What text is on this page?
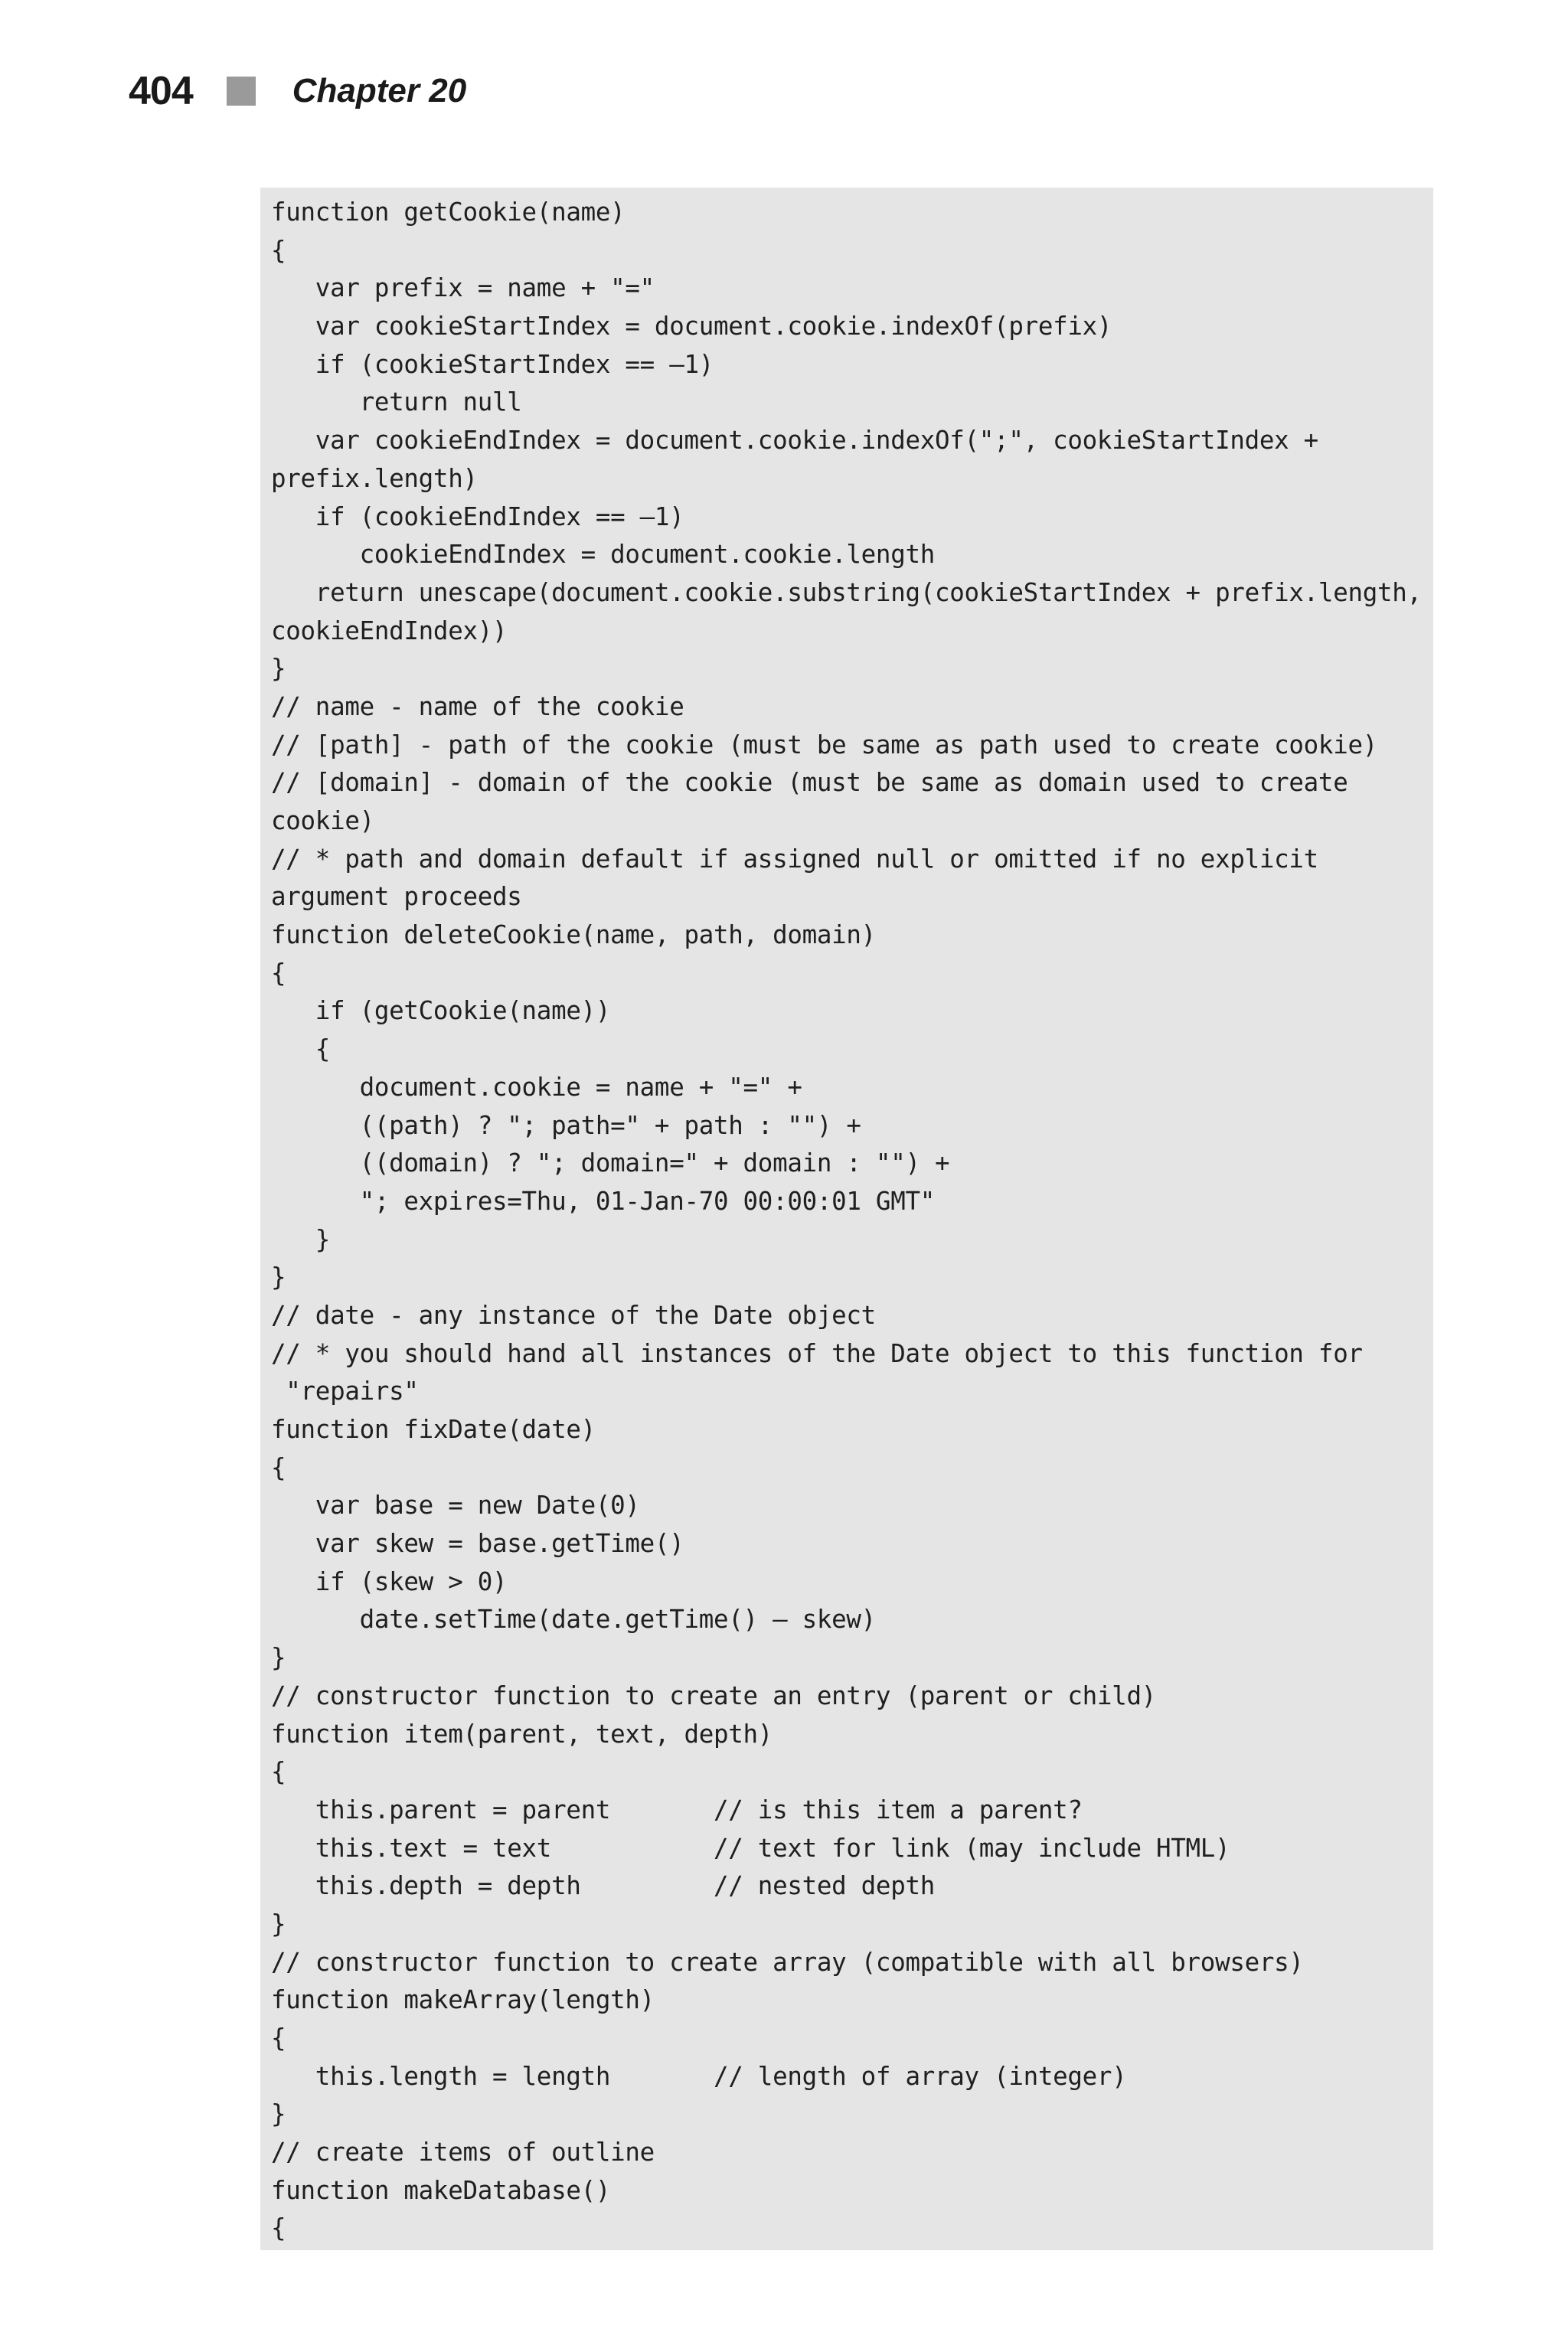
404	Chapter 20
function getCookie(name)
{
var prefix = name + "="
var cookieStartIndex = document.cookie.indexOf(prefix)
if (cookieStartIndex == –1)
return null
var cookieEndIndex = document.cookie.indexOf(";", cookieStartIndex +
prefix.length)
if (cookieEndIndex == –1)
cookieEndIndex = document.cookie.length
return unescape(document.cookie.substring(cookieStartIndex + prefix.length,
cookieEndIndex))
}
// name - name of the cookie
// [path] - path of the cookie (must be same as path used to create cookie)
// [domain] - domain of the cookie (must be same as domain used to create
cookie)
// * path and domain default if assigned null or omitted if no explicit
argument proceeds
function deleteCookie(name, path, domain)
{
if (getCookie(name))
{
document.cookie = name + "=" +
((path) ? "; path=" + path : "") +
((domain) ? "; domain=" + domain : "") +
"; expires=Thu, 01-Jan-70 00:00:01 GMT"
}
}
// date - any instance of the Date object
// * you should hand all instances of the Date object to this function for
"repairs"
function fixDate(date)
{
var base = new Date(0)
var skew = base.getTime()
if (skew > 0)
date.setTime(date.getTime() – skew)
}
// constructor function to create an entry (parent or child)
function item(parent, text, depth)
{
this.parent = parent       // is this item a parent?
this.text = text           // text for link (may include HTML)
this.depth = depth         // nested depth
}
// constructor function to create array (compatible with all browsers)
function makeArray(length)
{
this.length = length       // length of array (integer)
}
// create items of outline
function makeDatabase()
{
